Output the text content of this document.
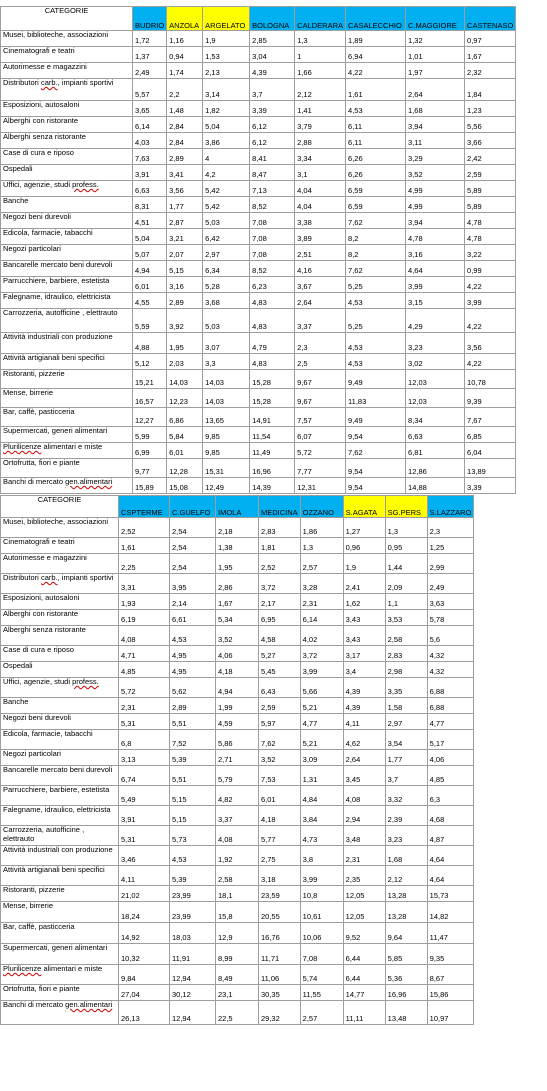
CATEGORIE	BUDRIO	ANZOLA	ARGELATO	BOLOGNA	CALDERARA	CASALECCHIO	C.MAGGIORE	CASTENASO
Musei, biblioteche, associazioni	1,72	1,16	1,9	2,85	1,3	1,89	1,32	0,97
Cinematografi e teatri	1,37	0,94	1,53	3,04	1	6,94	1,01	1,67
Autorimesse e magazzini	2,49	1,74	2,13	4,39	1,66	4,22	1,97	2,32
Distributori carb., impianti sportivi	5,57	2,2	3,14	3,7	2,12	1,61	2,64	1,84
Esposizioni, autosaloni	3,65	1,48	1,82	3,39	1,41	4,53	1,68	1,23
Alberghi con ristorante	6,14	2,84	5,04	6,12	3,79	6,11	3,94	5,56
Alberghi senza ristorante	4,03	2,84	3,86	6,12	2,88	6,11	3,11	3,66
Case di cura e riposo	7,63	2,89	4	8,41	3,34	6,26	3,29	2,42
Ospedali	3,91	3,41	4,2	8,47	3,1	6,26	3,52	2,59
Uffici, agenzie, studi profess.	6,63	3,56	5,42	7,13	4,04	6,59	4,99	5,89
Banche	8,31	1,77	5,42	8,52	4,04	6,59	4,99	5,89
Negozi beni durevoli	4,51	2,87	5,03	7,08	3,38	7,62	3,94	4,78
Edicola, farmacie, tabacchi	5,04	3,21	6,42	7,08	3,89	8,2	4,78	4,78
Negozi particolari	5,07	2,07	2,97	7,08	2,51	8,2	3,16	3,22
Bancarelle mercato beni durevoli	4,94	5,15	6,34	8,52	4,16	7,62	4,64	0,99
Parrucchiere, barbiere, estetista	6,01	3,16	5,28	6,23	3,67	5,25	3,99	4,22
Falegname, idraulico, elettricista	4,55	2,89	3,68	4,83	2,64	4,53	3,15	3,99
Carrozzeria, autofficine , elettrauto	5,59	3,92	5,03	4,83	3,37	5,25	4,29	4,22
Attività industriali con produzione	4,88	1,95	3,07	4,79	2,3	4,53	3,23	3,56
Attività artigianali beni specifici	5,12	2,03	3,3	4,83	2,5	4,53	3,02	4,22
Ristoranti, pizzerie	15,21	14,03	14,03	15,28	9,67	9,49	12,03	10,78
Mense, birrerie	16,57	12,23	14,03	15,28	9,67	11,83	12,03	9,39
Bar, caffè, pasticceria	12,27	6,86	13,65	14,91	7,57	9,49	8,34	7,67
Supermercati, generi alimentari	5,99	5,84	9,85	11,54	6,07	9,54	6,63	6,85
Plurilicenze alimentari e miste	6,99	6,01	9,85	11,49	5,72	7,62	6,81	6,04
Ortofrutta, fiori e piante	9,77	12,28	15,31	16,96	7,77	9,54	12,86	13,89
Banchi di mercato gen.alimentari	15,89	15,08	12,49	14,39	12,31	9,54	14,88	3,39
CATEGORIE	CSPTERME	C.GUELFO	IMOLA	MEDICINA	OZZANO	S.AGATA	SG.PERS	S.LAZZARO
Musei, biblioteche, associazioni	2,52	2,54	2,18	2,83	1,86	1,27	1,3	2,3
Cinematografi e teatri	1,61	2,54	1,38	1,81	1,3	0,96	0,95	1,25
Autorimesse e magazzini	2,25	2,54	1,95	2,52	2,57	1,9	1,44	2,99
Distributori carb., impianti sportivi	3,31	3,95	2,86	3,72	3,28	2,41	2,09	2,49
Esposizioni, autosaloni	1,93	2,14	1,67	2,17	2,31	1,62	1,1	3,63
Alberghi con ristorante	6,19	6,61	5,34	6,95	6,14	3,43	3,53	5,78
Alberghi senza ristorante	4,08	4,53	3,52	4,58	4,02	3,43	2,58	5,6
Case di cura e riposo	4,71	4,95	4,06	5,27	3,72	3,17	2,83	4,32
Ospedali	4,85	4,95	4,18	5,45	3,99	3,4	2,98	4,32
Uffici, agenzie, studi profess.	5,72	5,62	4,94	6,43	5,66	4,39	3,35	6,88
Banche	2,31	2,89	1,99	2,59	5,21	4,39	1,58	6,88
Negozi beni durevoli	5,31	5,51	4,59	5,97	4,77	4,11	2,97	4,77
Edicola, farmacie, tabacchi	6,8	7,52	5,86	7,62	5,21	4,62	3,54	5,17
Negozi particolari	3,13	5,39	2,71	3,52	3,09	2,64	1,77	4,06
Bancarelle mercato beni durevoli	6,74	5,51	5,79	7,53	1,31	3,45	3,7	4,85
Parrucchiere, barbiere, estetista	5,49	5,15	4,82	6,01	4,84	4,08	3,32	6,3
Falegname, idraulico, elettricista	3,91	5,15	3,37	4,18	3,84	2,94	2,39	4,68
Carrozzeria, autofficine , elettrauto	5,31	5,73	4,08	5,77	4,73	3,48	3,23	4,87
Attività industriali con produzione	3,46	4,53	1,92	2,75	3,8	2,31	1,68	4,64
Attività artigianali beni specifici	4,11	5,39	2,58	3,18	3,99	2,35	2,12	4,64
Ristoranti, pizzerie	21,02	23,99	18,1	23,59	10,8	12,05	13,28	15,73
Mense, birrerie	18,24	23,99	15,8	20,55	10,61	12,05	13,28	14,82
Bar, caffè, pasticceria	14,92	18,03	12,9	16,76	10,06	9,52	9,64	11,47
Supermercati, generi alimentari	10,32	11,91	8,99	11,71	7,08	6,44	5,85	9,35
Plurilicenze alimentari e miste	9,84	12,94	8,49	11,06	5,74	6,44	5,36	8,67
Ortofrutta, fiori e piante	27,04	30,12	23,1	30,35	11,55	14,77	16,96	15,86
Banchi di mercato gen.alimentari	26,13	12,94	22,5	29,32	2,57	11,11	13,48	10,97
